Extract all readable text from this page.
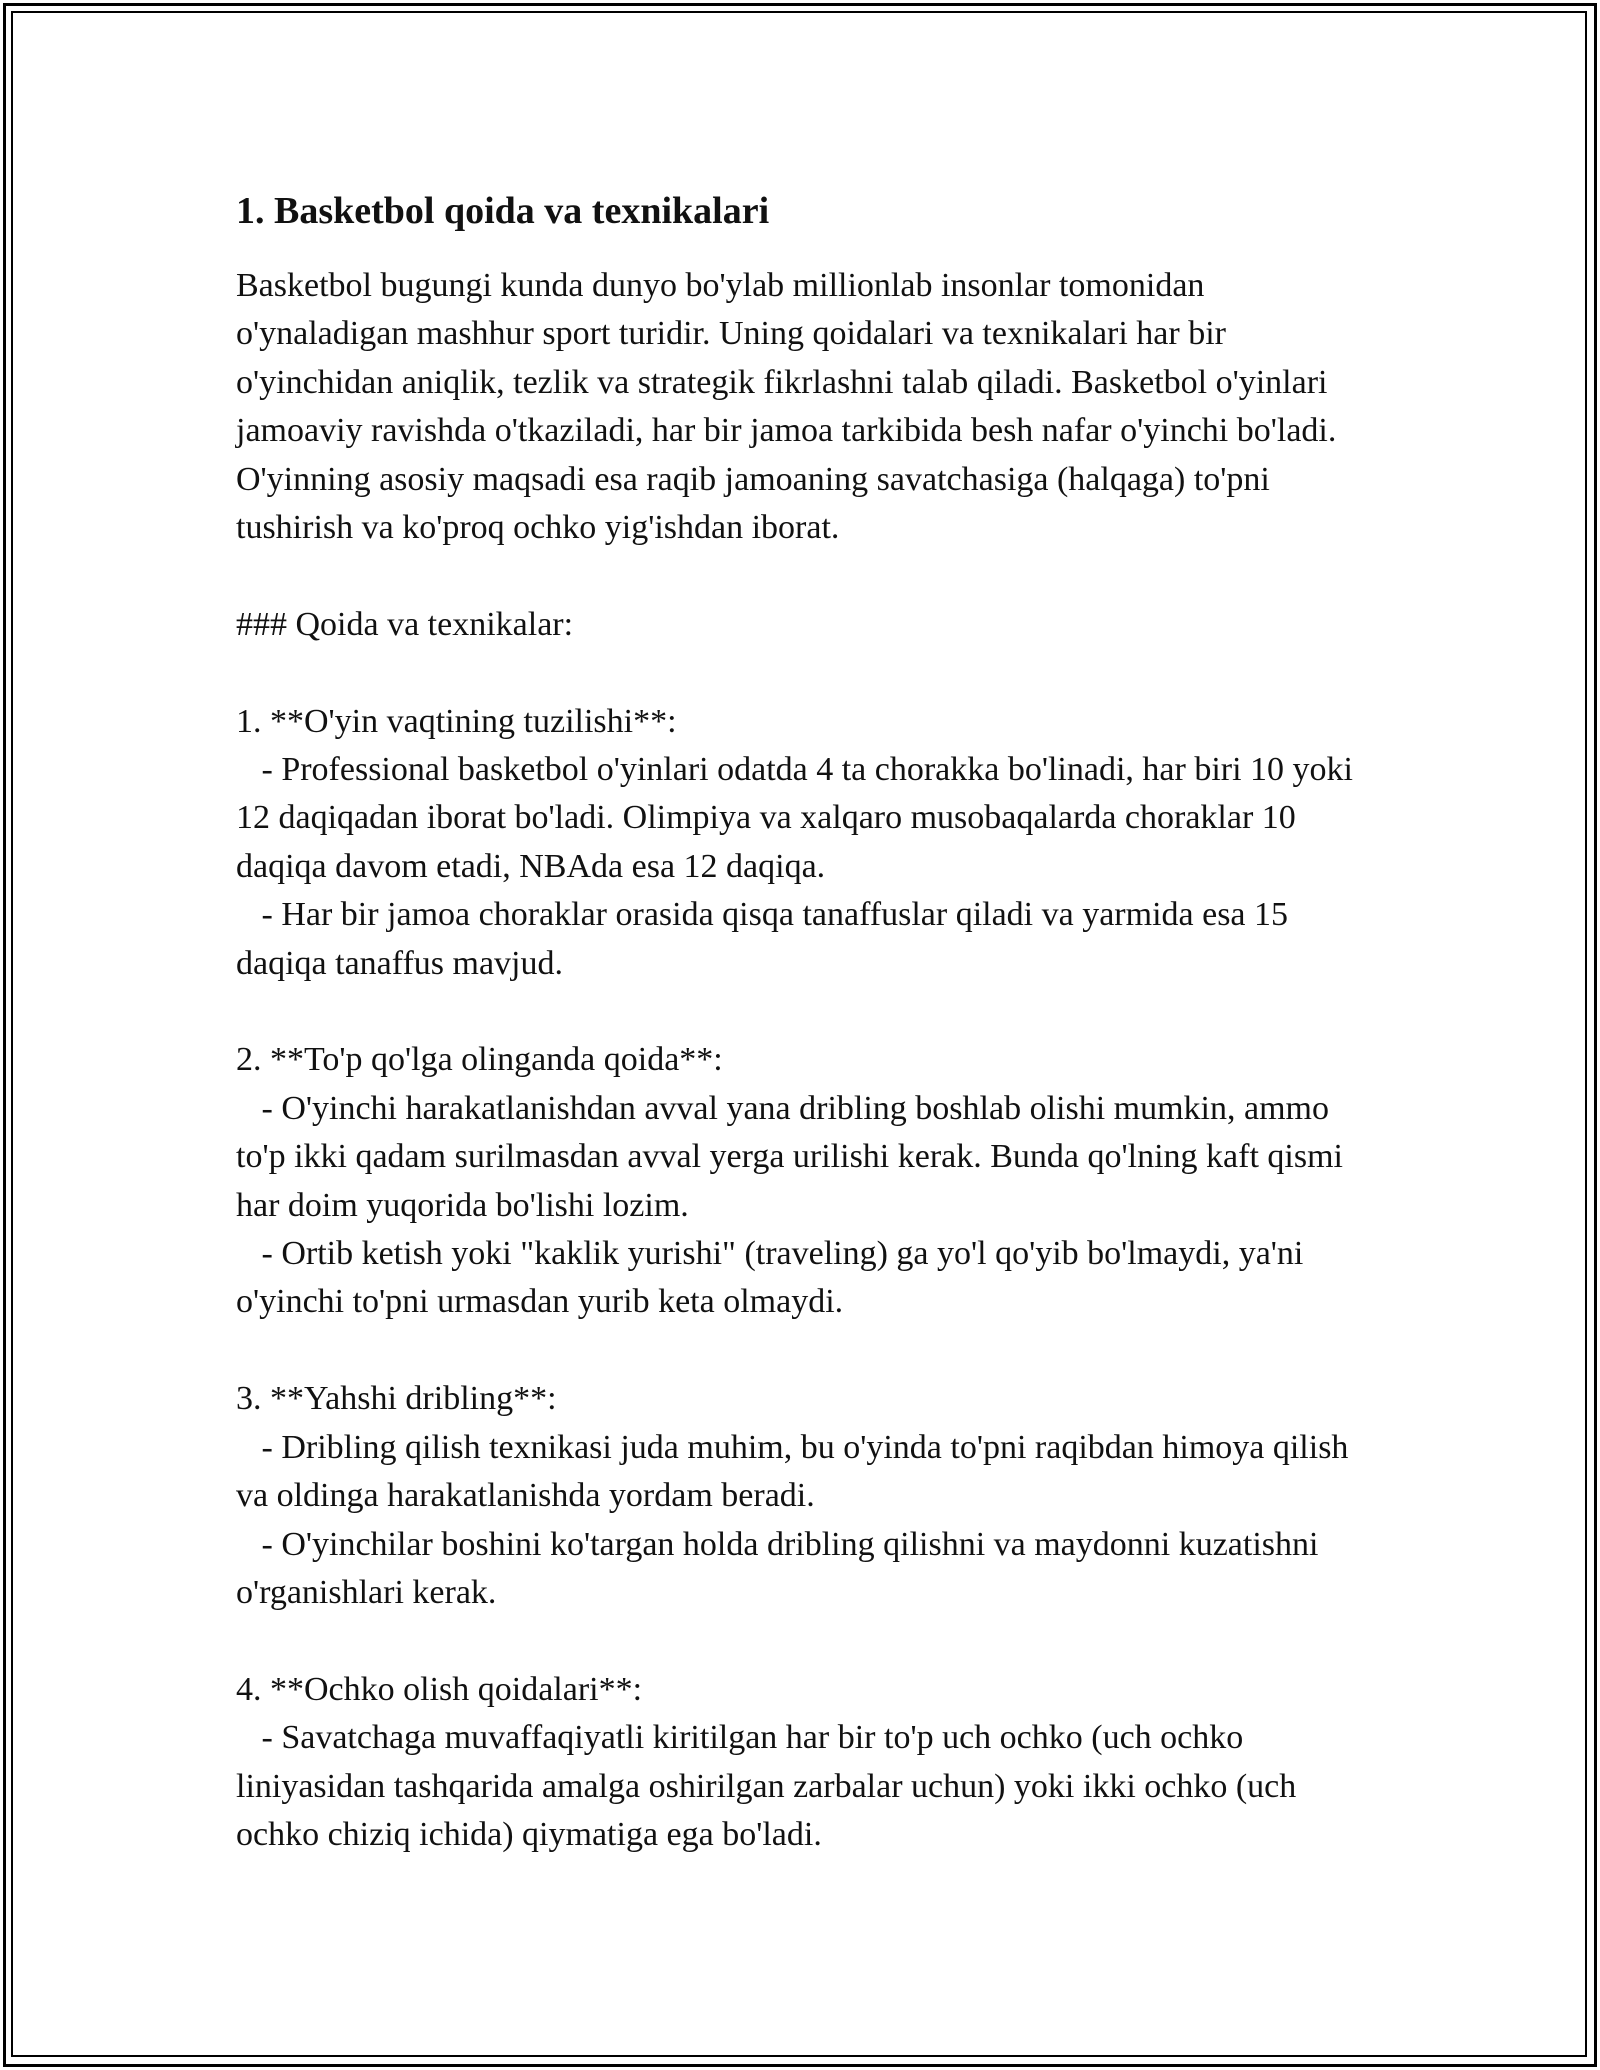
1. Basketbol qoida va texnikalari

Basketbol bugungi kunda dunyo bo'ylab millionlab insonlar tomonidan o'ynaladigan mashhur sport turidir. Uning qoidalari va texnikalari har bir o'yinchidan aniqlik, tezlik va strategik fikrlashni talab qiladi. Basketbol o'yinlari jamoaviy ravishda o'tkaziladi, har bir jamoa tarkibida besh nafar o'yinchi bo'ladi. O'yinning asosiy maqsadi esa raqib jamoaning savatchasiga (halqaga) to'pni tushirish va ko'proq ochko yig'ishdan iborat.

### Qoida va texnikalar:

1. **O'yin vaqtining tuzilishi**:

- Professional basketbol o'yinlari odatda 4 ta chorakka bo'linadi, har biri 10 yoki 12 daqiqadan iborat bo'ladi. Olimpiya va xalqaro musobaqalarda choraklar 10 daqiqa davom etadi, NBAda esa 12 daqiqa.

- Har bir jamoa choraklar orasida qisqa tanaffuslar qiladi va yarmida esa 15 daqiqa tanaffus mavjud.

2. **To'p qo'lga olinganda qoida**:

- O'yinchi harakatlanishdan avval yana dribling boshlab olishi mumkin, ammo to'p ikki qadam surilmasdan avval yerga urilishi kerak. Bunda qo'lning kaft qismi har doim yuqorida bo'lishi lozim.

- Ortib ketish yoki "kaklik yurishi" (traveling) ga yo'l qo'yib bo'lmaydi, ya'ni o'yinchi to'pni urmasdan yurib keta olmaydi.

3. **Yahshi dribling**:

- Dribling qilish texnikasi juda muhim, bu o'yinda to'pni raqibdan himoya qilish va oldinga harakatlanishda yordam beradi.

- O'yinchilar boshini ko'targan holda dribling qilishni va maydonni kuzatishni o'rganishlari kerak.

4. **Ochko olish qoidalari**:

- Savatchaga muvaffaqiyatli kiritilgan har bir to'p uch ochko (uch ochko liniyasidan tashqarida amalga oshirilgan zarbalar uchun) yoki ikki ochko (uch ochko chiziq ichida) qiymatiga ega bo'ladi.
